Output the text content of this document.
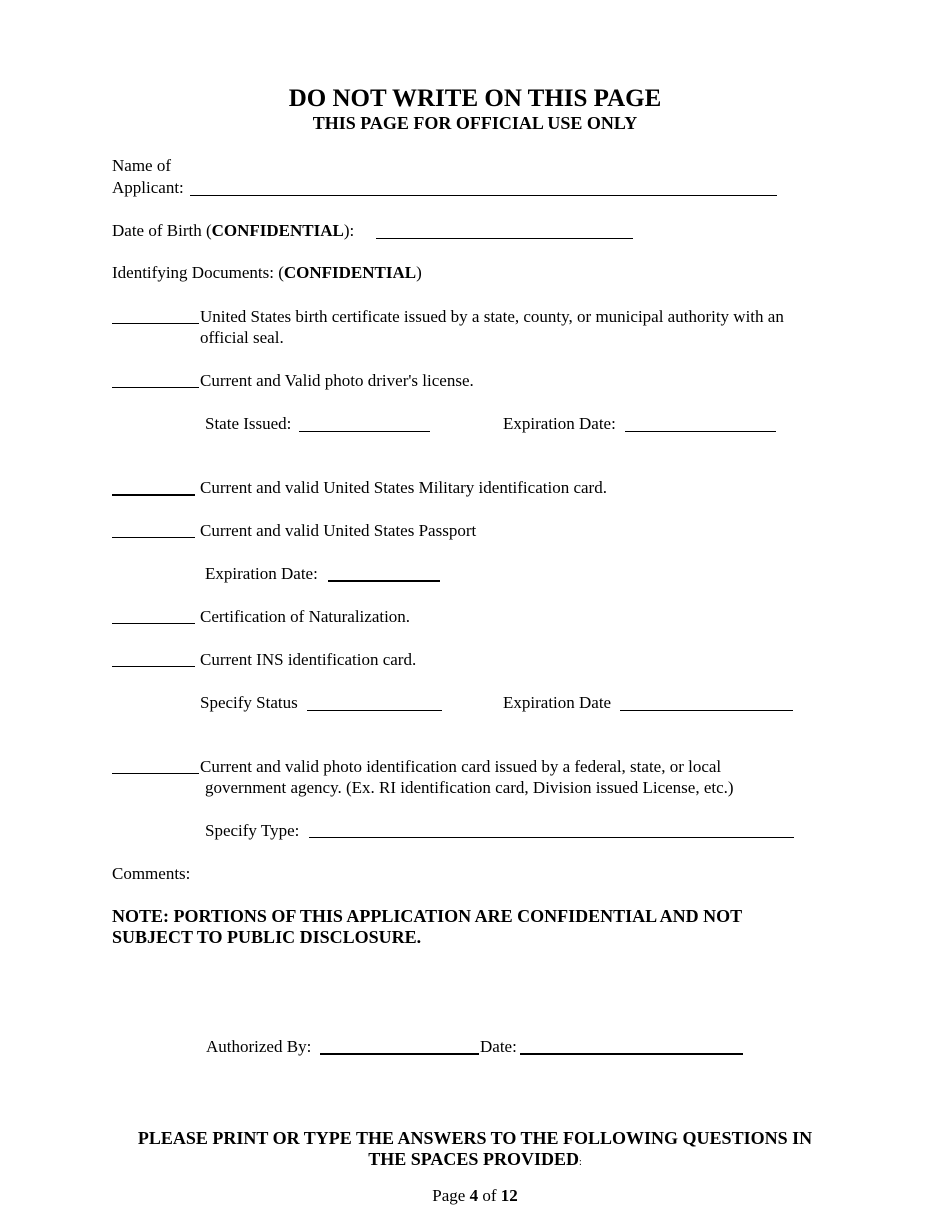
DO NOT WRITE ON THIS PAGE
THIS PAGE FOR OFFICIAL USE ONLY
Name of
Applicant:
Date of Birth (CONFIDENTIAL):
Identifying Documents: (CONFIDENTIAL)
United States birth certificate issued by a state, county, or municipal authority with an
official seal.
Current and Valid photo driver's license.
State Issued:	Expiration Date:
Current and valid United States Military identification card.
Current and valid United States Passport
Expiration Date:
Certification of Naturalization.
Current INS identification card.
Specify Status	Expiration Date
Current and valid photo identification card issued by a federal, state, or local
government agency. (Ex. RI identification card, Division issued License, etc.)
Specify Type:
Comments:
NOTE: PORTIONS OF THIS APPLICATION ARE CONFIDENTIAL AND NOT
SUBJECT TO PUBLIC DISCLOSURE.
Authorized By:	Date:
PLEASE PRINT OR TYPE THE ANSWERS TO THE FOLLOWING QUESTIONS IN
THE SPACES PROVIDED:
Page 4 of 12
